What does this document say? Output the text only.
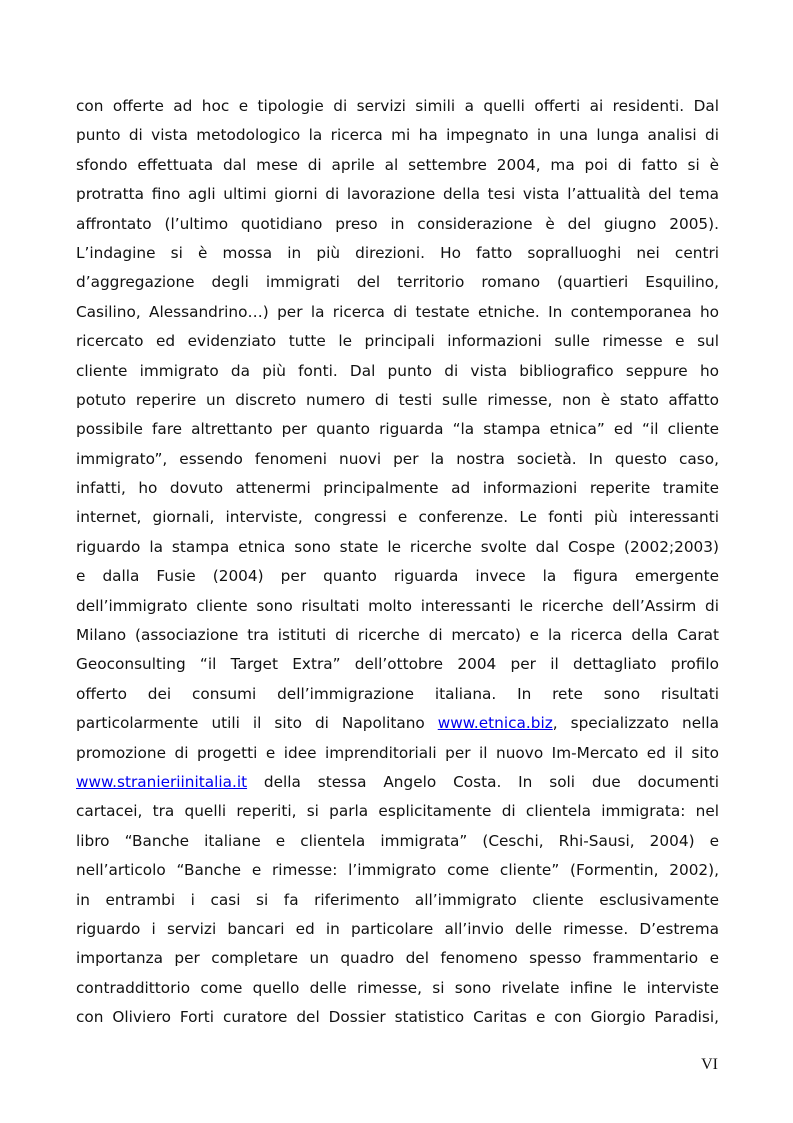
con offerte ad hoc e tipologie di servizi simili a quelli offerti ai residenti. Dal
punto di vista metodologico la ricerca mi ha impegnato in una lunga analisi di
sfondo effettuata dal mese di aprile al settembre 2004, ma poi di fatto si è
protratta fino agli ultimi giorni di lavorazione della tesi vista l’attualità del tema
affrontato (l’ultimo quotidiano preso in considerazione è del giugno 2005).
L’indagine si è mossa in più direzioni. Ho fatto sopralluoghi nei centri
d’aggregazione degli immigrati del territorio romano (quartieri Esquilino,
Casilino, Alessandrino…) per la ricerca di testate etniche. In contemporanea ho
ricercato ed evidenziato tutte le principali informazioni sulle rimesse e sul
cliente immigrato da più fonti. Dal punto di vista bibliografico seppure ho
potuto reperire un discreto numero di testi sulle rimesse, non è stato affatto
possibile fare altrettanto per quanto riguarda “la stampa etnica” ed “il cliente
immigrato”, essendo fenomeni nuovi per la nostra società. In questo caso,
infatti, ho dovuto attenermi principalmente ad informazioni reperite tramite
internet, giornali, interviste, congressi e conferenze. Le fonti più interessanti
riguardo la stampa etnica sono state le ricerche svolte dal Cospe (2002;2003)
e dalla Fusie (2004) per quanto riguarda invece la figura emergente
dell’immigrato cliente sono risultati molto interessanti le ricerche dell’Assirm di
Milano (associazione tra istituti di ricerche di mercato) e la ricerca della Carat
Geoconsulting “il Target Extra” dell’ottobre 2004 per il dettagliato profilo
offerto dei consumi dell’immigrazione italiana. In rete sono risultati
particolarmente utili il sito di Napolitano www.etnica.biz, specializzato nella
promozione di progetti e idee imprenditoriali per il nuovo Im-Mercato ed il sito
www.stranieriinitalia.it della stessa Angelo Costa. In soli due documenti
cartacei, tra quelli reperiti, si parla esplicitamente di clientela immigrata: nel
libro “Banche italiane e clientela immigrata” (Ceschi, Rhi-Sausi, 2004) e
nell’articolo “Banche e rimesse: l’immigrato come cliente” (Formentin, 2002),
in entrambi i casi si fa riferimento all’immigrato cliente esclusivamente
riguardo i servizi bancari ed in particolare all’invio delle rimesse. D’estrema
importanza per completare un quadro del fenomeno spesso frammentario e
contraddittorio come quello delle rimesse, si sono rivelate infine le interviste
con Oliviero Forti curatore del Dossier statistico Caritas e con Giorgio Paradisi,
VI
